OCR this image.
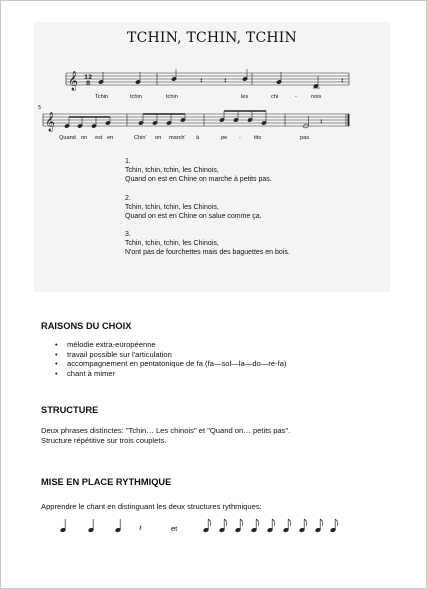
TCHIN, TCHIN, TCHIN
𝄞
𝄞
12
8
5
𝄽	𝄽	𝄽
𝄽
𝄽
Tchin	tchin	tchin	les	chi	-	nois
Quand on est en	Chin' on march' à	pe - tits	pas.
1.
Tchin, tchin, tchin, les Chinois,
Quand on est en Chine on marche à petits pas.
2.
Tchin, tchin, tchin, les Chinois,
Quand on est en Chine on salue comme ça.
3.
Tchin, tchin, tchin, les Chinois,
N'ont pas de fourchettes mais des baguettes en bois.
RAISONS DU CHOIX
• mélodie extra-européenne
• travail possible sur l'articulation
• accompagnement en pentatonique de fa (fa—sol—la—do—ré-fa)
• chant à mimer
STRUCTURE
Deux phrases distinctes: "Tchin… Les chinois" et "Quand on… petits pas".
Structure répétitive sur trois couplets.
MISE EN PLACE RYTHMIQUE
Apprendre le chant en distinguant les deux structures rythmiques:
et
